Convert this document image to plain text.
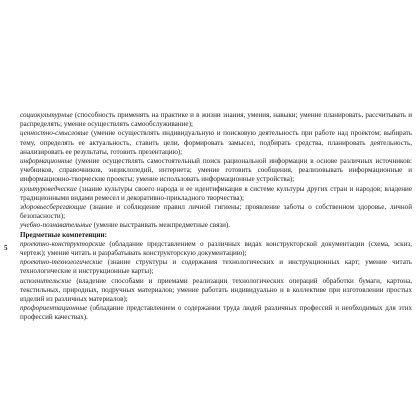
5

социокультурные (способность применять на практике и в жизни знания, умения, навыки; умение планировать, рассчитывать и распределять; умение осуществлять самообслуживание);

ценностно-смысловые (умение осуществлять индивидуальную и поисковую деятельность при работе над проектом; выбирать тему, определять ее актуальность, ставить цели, формировать замысел, подбирать средства, планировать деятельность, анализировать ее результаты, готовить презентацию);

информационные (умение осуществлять самостоятельный поиск рациональной информации в основе различных источников: учебников, справочников, энциклопедий, интернета; умение готовить сообщения, реализовывать информационные и информационно-творческие проекты; умение использовать информационные устройства);

культуроведческие (знание культуры своего народа и ее идентификация в системе культуры других стран и народов; владение традиционными видами ремесел и декоративно-прикладного творчества);

здоровьесберегающие (знание и соблюдение правил личной гигиены; проявление заботы о собственном здоровье, личной безопасности);

учебно-познавательные (умение выстраивать межпредметные связи).

Предметные компетенции:

проектно-конструкторские (обладание представлением о различных видах конструкторской документации (схема, эскиз, чертеж); умение читать и разрабатывать конструкторскую документацию);

проектно-технологические (знание структуры и содержания технологических и инструкционных карт; умение читать технологические и инструкционные карты);

исполнительские (владение способами и приемами реализации технологических операций обработки бумаги, картона, текстильных, природных, подручных материалов; умение работать индивидуально и в коллективе при изготовлении простых изделий из различных материалов);

профориентационные (обладание представлением о содержании труда людей различных профессий и необходимых для этих профессий качествах).
